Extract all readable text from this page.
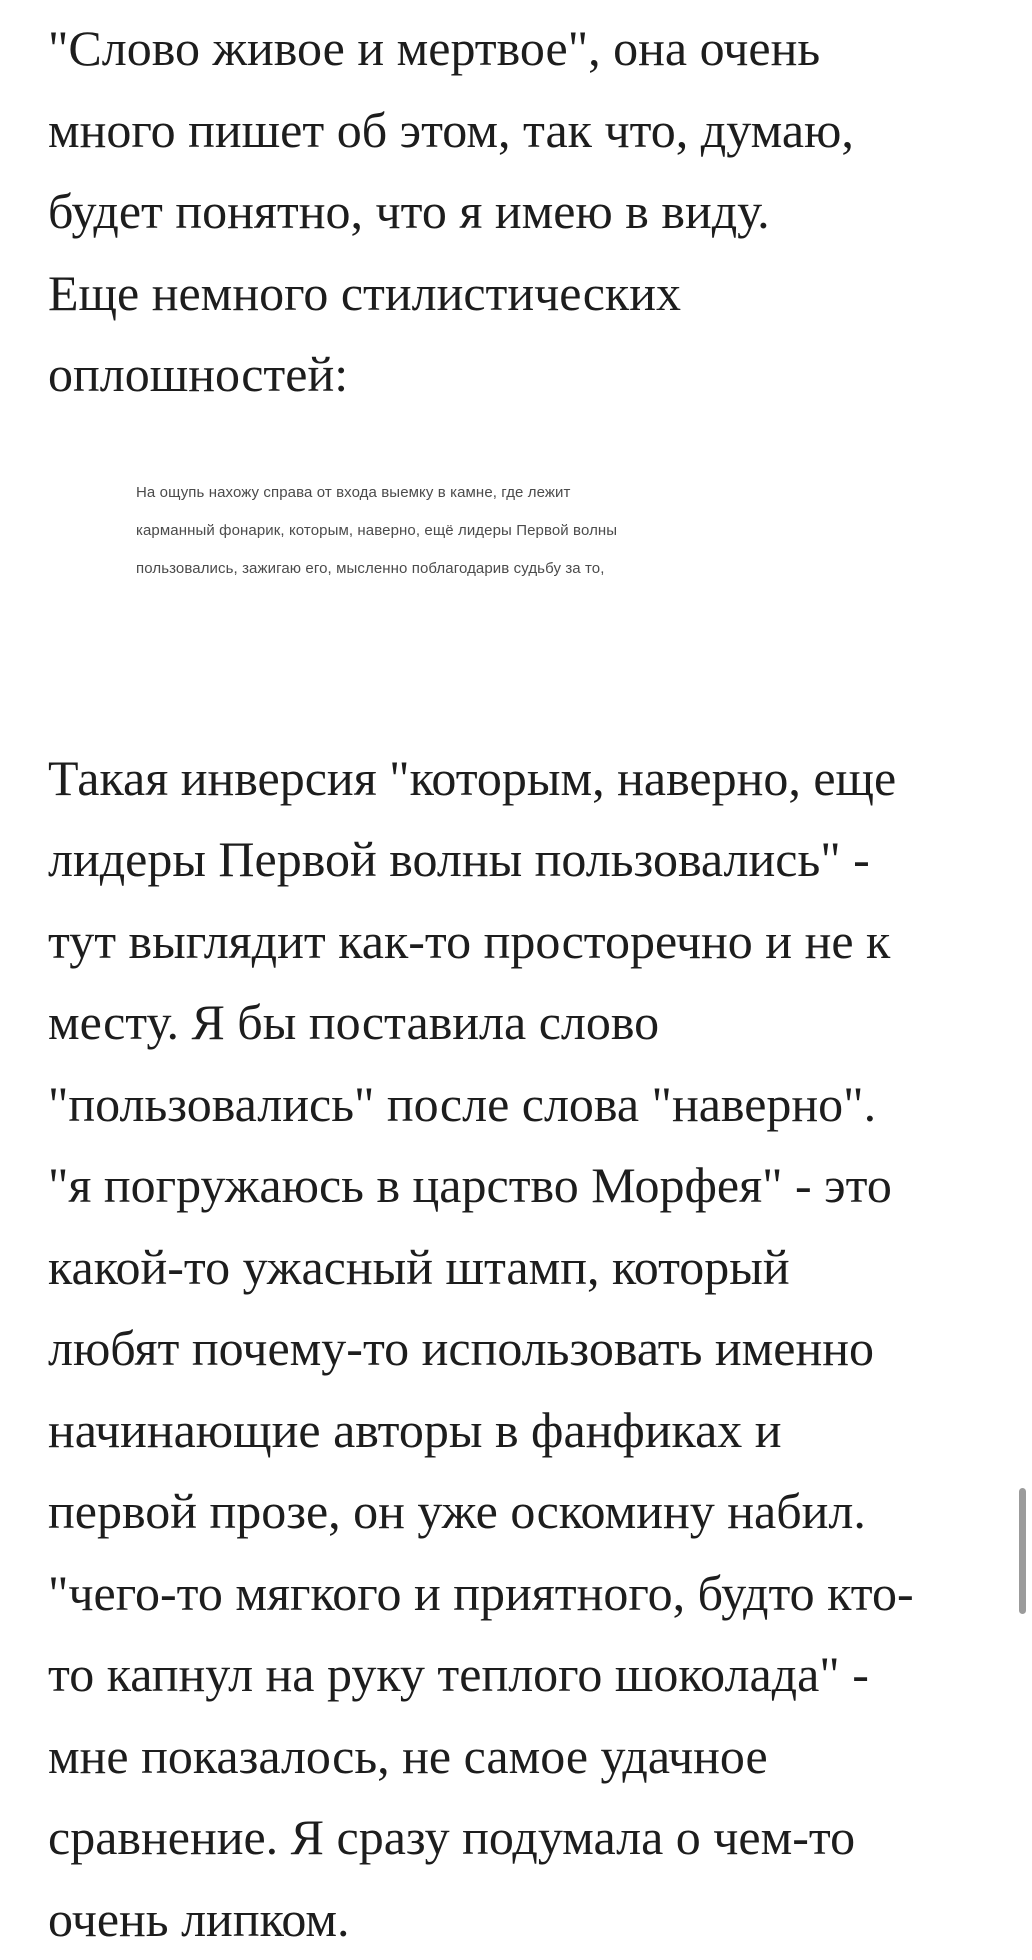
"Слово живое и мертвое", она очень
много пишет об этом, так что, думаю,
будет понятно, что я имею в виду.
Еще немного стилистических
оплошностей:
На ощупь нахожу справа от входа выемку в камне, где лежит
карманный фонарик, которым, наверно, ещё лидеры Первой волны
пользовались, зажигаю его, мысленно поблагодарив судьбу за то,
Такая инверсия "которым, наверно, еще
лидеры Первой волны пользовались" -
тут выглядит как-то просторечно и не к
месту. Я бы поставила слово
"пользовались" после слова "наверно".
"я погружаюсь в царство Морфея" - это
какой-то ужасный штамп, который
любят почему-то использовать именно
начинающие авторы в фанфиках и
первой прозе, он уже оскомину набил.
"чего-то мягкого и приятного, будто кто-
то капнул на руку теплого шоколада" -
мне показалось, не самое удачное
сравнение. Я сразу подумала о чем-то
очень липком.
